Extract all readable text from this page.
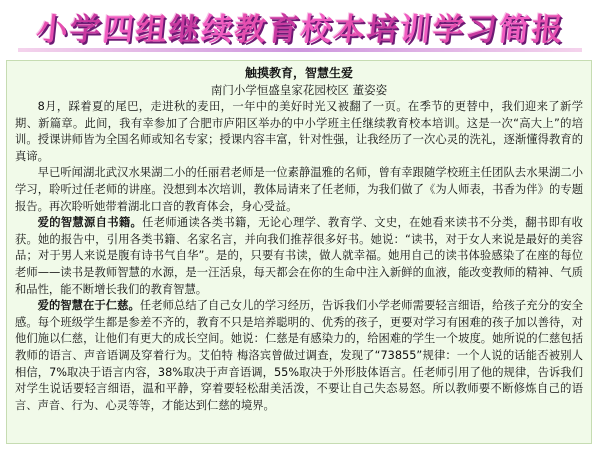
小
学
四
组
继
续
教
育
校
本
培
训
学
习
简
报

触摸教育，智慧生爱

南门小学恒盛皇家花园校区 董姿姿

8月，踩着夏的尾巴，走进秋的麦田，一年中的美好时光又被翻了一页。在季节的更替中，我们迎来了新学期、新篇章。此间，我有幸参加了合肥市庐阳区举办的中小学班主任继续教育校本培训。这是一次“高大上”的培训。授课讲师皆为全国名师或知名专家；授课内容丰富，针对性强，让我经历了一次心灵的洗礼，逐渐懂得教育的真谛。

早已听闻湖北武汉水果湖二小的任丽君老师是一位素静温雅的名师，曾有幸跟随学校班主任团队去水果湖二小学习，聆听过任老师的讲座。没想到本次培训，教体局请来了任老师，为我们做了《为人师表，书香为伴》的专题报告。再次聆听她带着湖北口音的教育体会，身心受益。

爱的智慧源自书籍。任老师通读各类书籍，无论心理学、教育学、文史，在她看来读书不分类，翻书即有收获。她的报告中，引用各类书籍、名家名言，并向我们推荐很多好书。她说：“读书，对于女人来说是最好的美容品；对于男人来说是腹有诗书气自华”。是的，只要有书读，做人就幸福。她用自己的读书体验感染了在座的每位老师——读书是教师智慧的水源，是一汪活泉，每天都会在你的生命中注入新鲜的血液，能改变教师的精神、气质和品性，能不断增长我们的教育智慧。

爱的智慧在于仁慈。任老师总结了自己女儿的学习经历，告诉我们小学老师需要轻言细语，给孩子充分的安全感。每个班级学生都是参差不齐的，教育不只是培养聪明的、优秀的孩子，更要对学习有困难的孩子加以善待，对他们施以仁慈，让他们有更大的成长空间。她说：仁慈是有感染力的，给困难的学生一个坡度。她所说的仁慈包括教师的语言、声音语调及穿着行为。艾伯特 梅洛宾曾做过调查，发现了“73855”规律：一个人说的话能否被别人相信，7%取决于语言内容，38%取决于声音语调，55%取决于外形肢体语言。任老师引用了他的规律，告诉我们对学生说话要轻言细语，温和平静，穿着要轻松甜美活泼，不要让自己失态易怒。所以教师要不断修炼自己的语言、声音、行为、心灵等等，才能达到仁慈的境界。
